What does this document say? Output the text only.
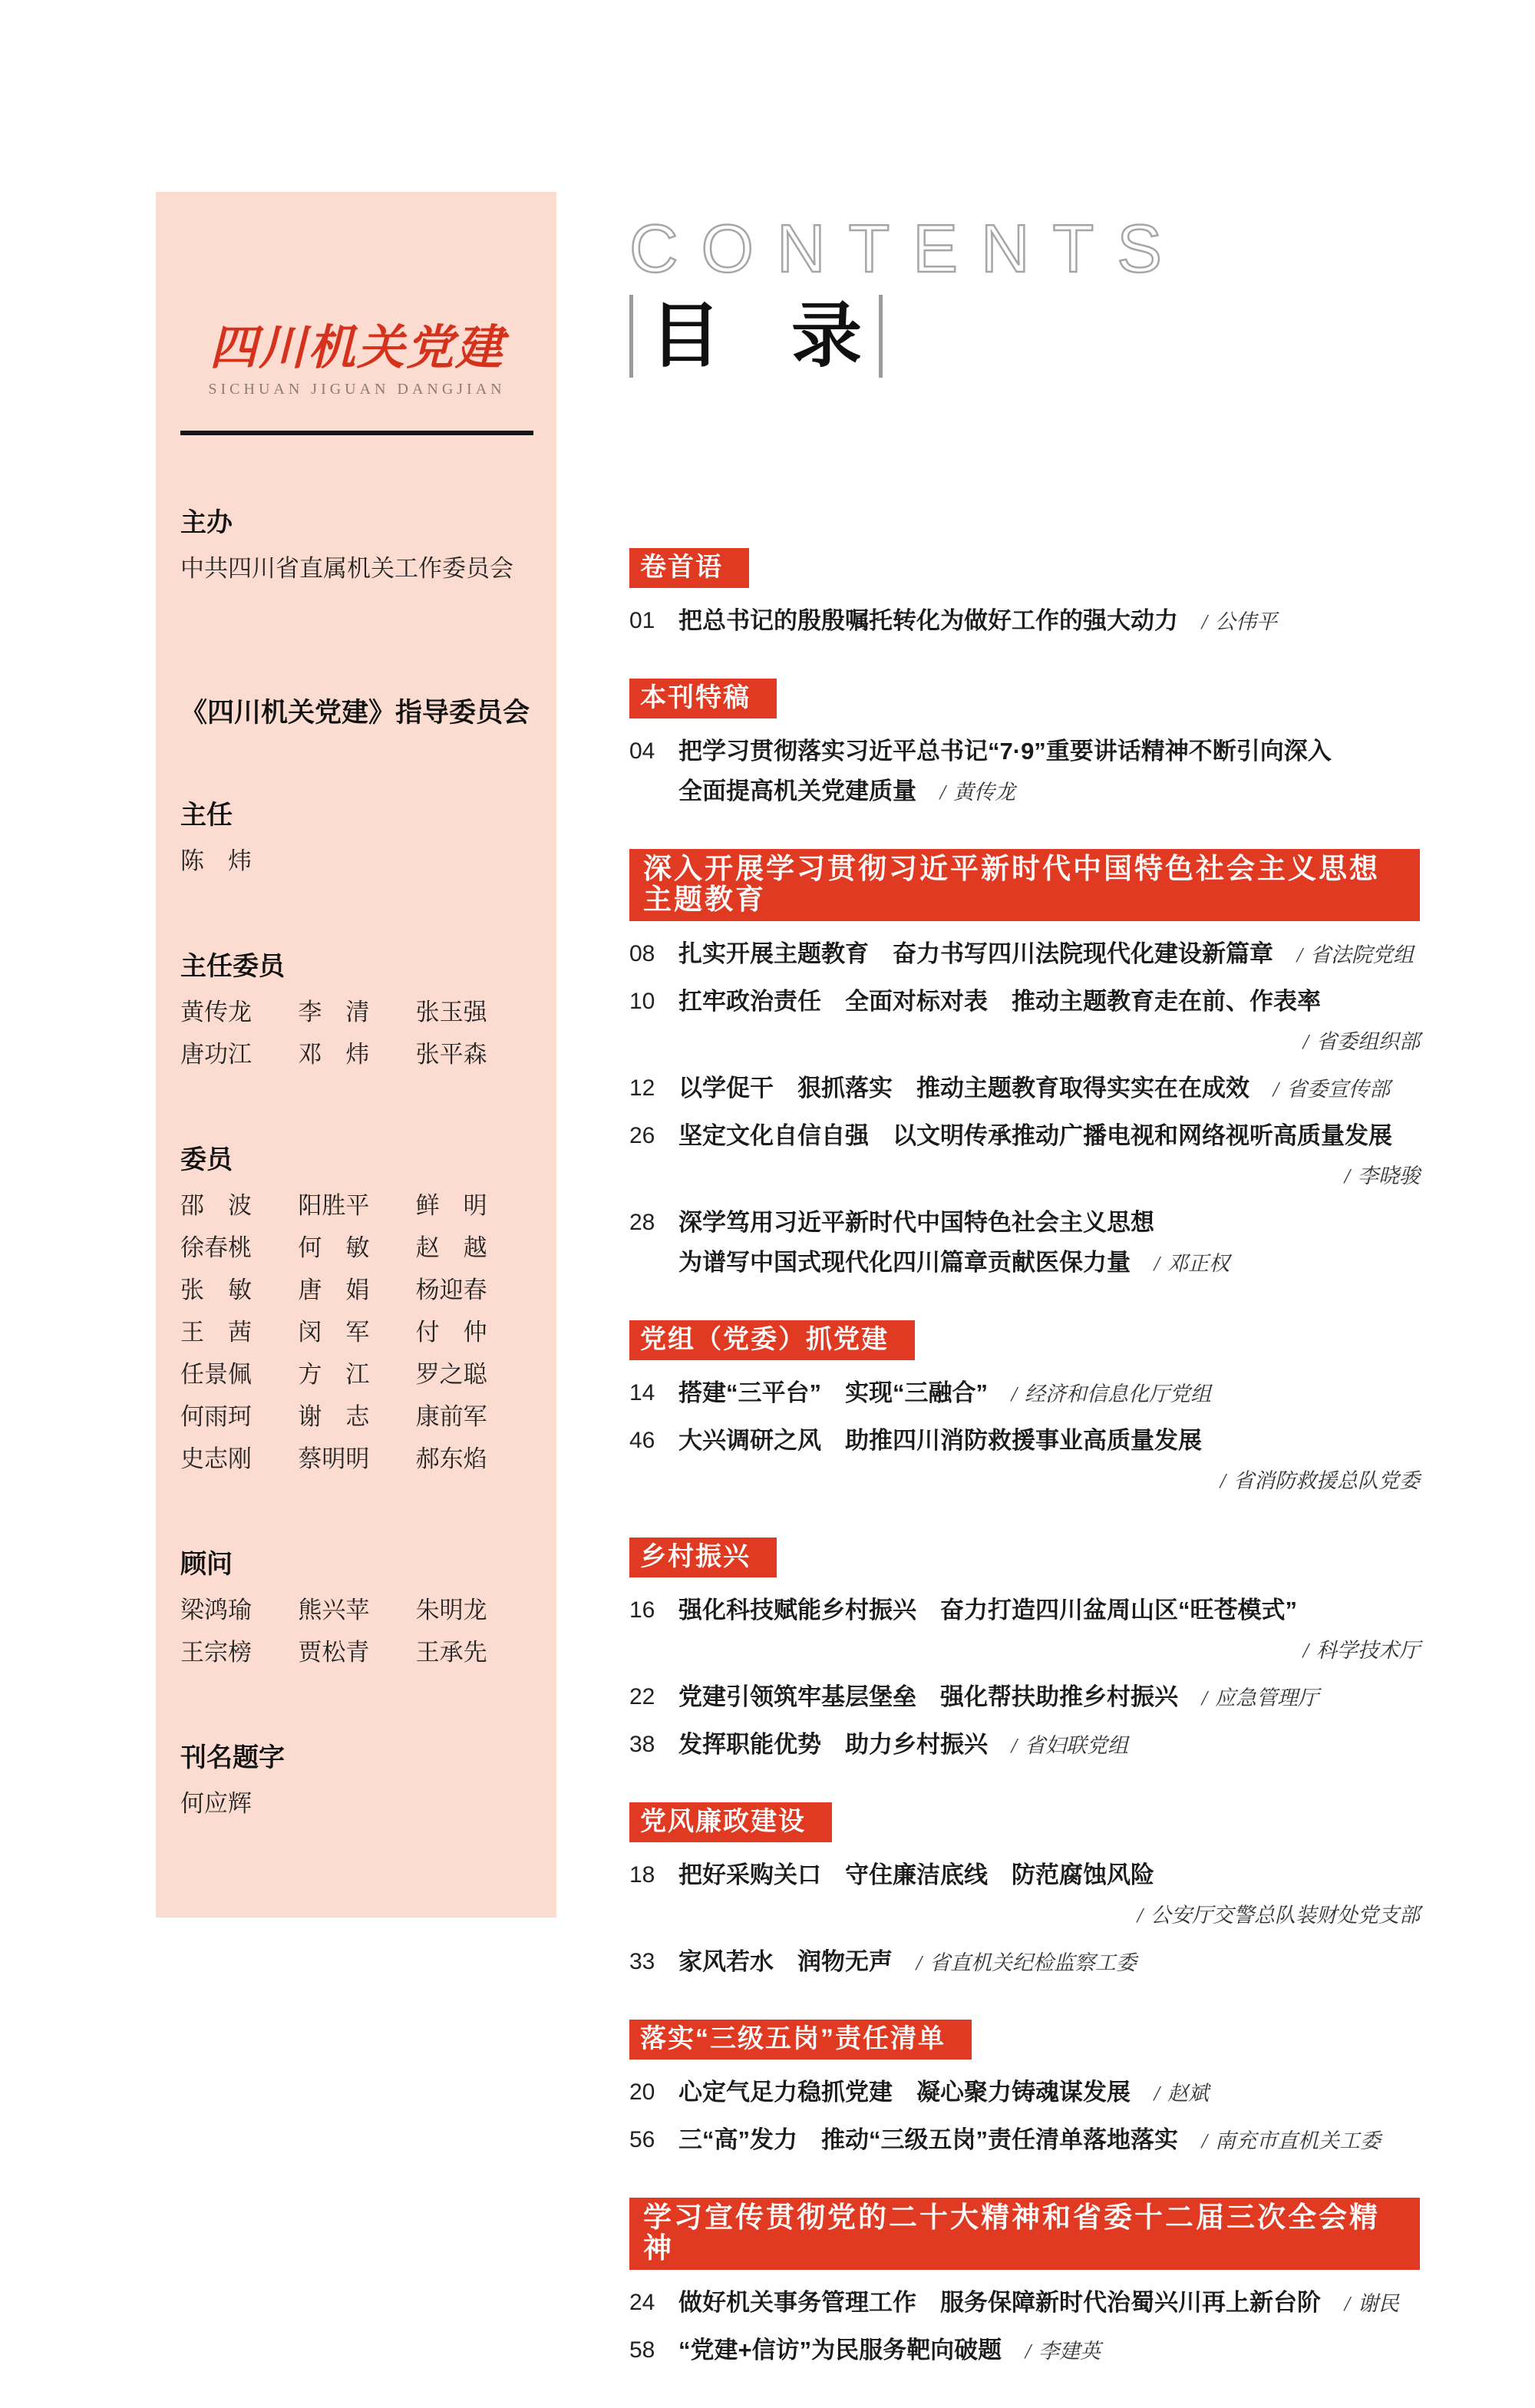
四川机关党建
SICHUAN JIGUAN DANGJIAN
主办
中共四川省直属机关工作委员会
《四川机关党建》指导委员会
主任
陈　炜
主任委员
黄传龙	李　清	张玉强
唐功江	邓　炜	张平森
委员
邵　波	阳胜平	鲜　明
徐春桃	何　敏	赵　越
张　敏	唐　娟	杨迎春
王　茜	闵　军	付　仲
任景佩	方　江	罗之聪
何雨珂	谢　志	康前军
史志刚	蔡明明	郝东焰
顾问
梁鸿瑜	熊兴苹	朱明龙
王宗榜	贾松青	王承先
刊名题字
何应辉
CONTENTS
目　录
卷首语
01 把总书记的殷殷嘱托转化为做好工作的强大动力 / 公伟平
本刊特稿
04 把学习贯彻落实习近平总书记“7·9”重要讲话精神不断引向深入
全面提高机关党建质量 / 黄传龙
深入开展学习贯彻习近平新时代中国特色社会主义思想主题教育
08 扎实开展主题教育　奋力书写四川法院现代化建设新篇章 / 省法院党组
10 扛牢政治责任　全面对标对表　推动主题教育走在前、作表率
/ 省委组织部
12 以学促干　狠抓落实　推动主题教育取得实实在在成效 / 省委宣传部
26 坚定文化自信自强　以文明传承推动广播电视和网络视听高质量发展
/ 李晓骏
28 深学笃用习近平新时代中国特色社会主义思想
为谱写中国式现代化四川篇章贡献医保力量 / 邓正权
党组（党委）抓党建
14 搭建“三平台”　实现“三融合” / 经济和信息化厅党组
46 大兴调研之风　助推四川消防救援事业高质量发展
/ 省消防救援总队党委
乡村振兴
16 强化科技赋能乡村振兴　奋力打造四川盆周山区“旺苍模式”
/ 科学技术厅
22 党建引领筑牢基层堡垒　强化帮扶助推乡村振兴 / 应急管理厅
38 发挥职能优势　助力乡村振兴 / 省妇联党组
党风廉政建设
18 把好采购关口　守住廉洁底线　防范腐蚀风险
/ 公安厅交警总队装财处党支部
33 家风若水　润物无声 / 省直机关纪检监察工委
落实“三级五岗”责任清单
20 心定气足力稳抓党建　凝心聚力铸魂谋发展 / 赵斌
56 三“高”发力　推动“三级五岗”责任清单落地落实 / 南充市直机关工委
学习宣传贯彻党的二十大精神和省委十二届三次全会精神
24 做好机关事务管理工作　服务保障新时代治蜀兴川再上新台阶 / 谢民
58 “党建+信访”为民服务靶向破题 / 李建英
